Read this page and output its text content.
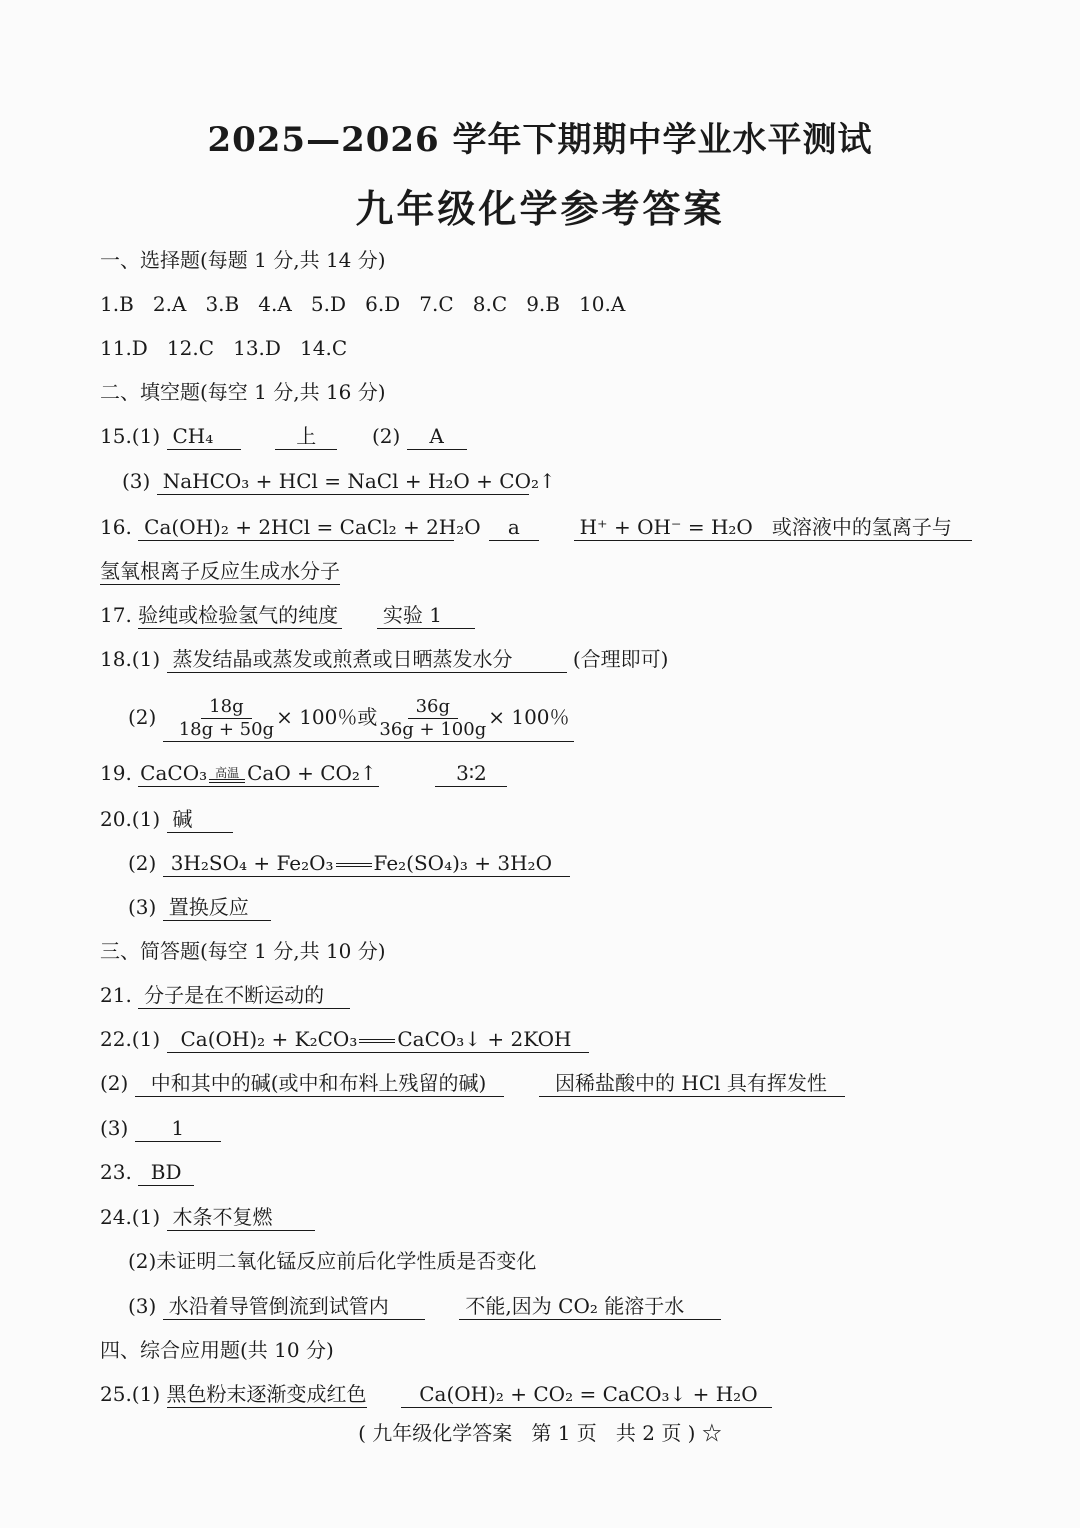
2025—2026 学年下期期中学业水平测试
九年级化学参考答案
一、选择题(每题 1 分,共 14 分)
1.B   2.A   3.B   4.A   5.D   6.D   7.C   8.C   9.B   10.A
11.D   12.C   13.D   14.C
二、填空题(每空 1 分,共 16 分)
15.(1) CH₄	上	(2) A
(3) NaHCO₃ + HCl = NaCl + H₂O + CO₂↑
16. Ca(OH)₂ + 2HCl = CaCl₂ + 2H₂O a	H⁺ + OH⁻ = H₂O   或溶液中的氢离子与
氢氧根离子反应生成水分子
17. 验纯或检验氢气的纯度 实验 1
18.(1) 蒸发结晶或蒸发或煎煮或日晒蒸发水分	(合理即可)
$(2) \frac{18g}{18g + 50g} \times 100$％或 $\frac{36g}{36g + 100g} \times 100$％
19. CaCO₃ 高温 CaO + CO₂↑	3∶2
20.(1) 碱
(2) 3H₂SO₄ + Fe₂O₃ Fe₂(SO₄)₃ + 3H₂O
(3) 置换反应
三、简答题(每空 1 分,共 10 分)
21. 分子是在不断运动的
22.(1) Ca(OH)₂ + K₂CO₃ CaCO₃↓ + 2KOH
(2) 中和其中的碱(或中和布料上残留的碱)	因稀盐酸中的 HCl 具有挥发性
(3) 1
23. BD
24.(1) 木条不复燃
(2)未证明二氧化锰反应前后化学性质是否变化
(3) 水沿着导管倒流到试管内	不能,因为 CO₂ 能溶于水
四、综合应用题(共 10 分)
25.(1) 黑色粉末逐渐变成红色	Ca(OH)₂ + CO₂ = CaCO₃↓ + H₂O
( 九年级化学答案   第 1 页   共 2 页 ) ☆
